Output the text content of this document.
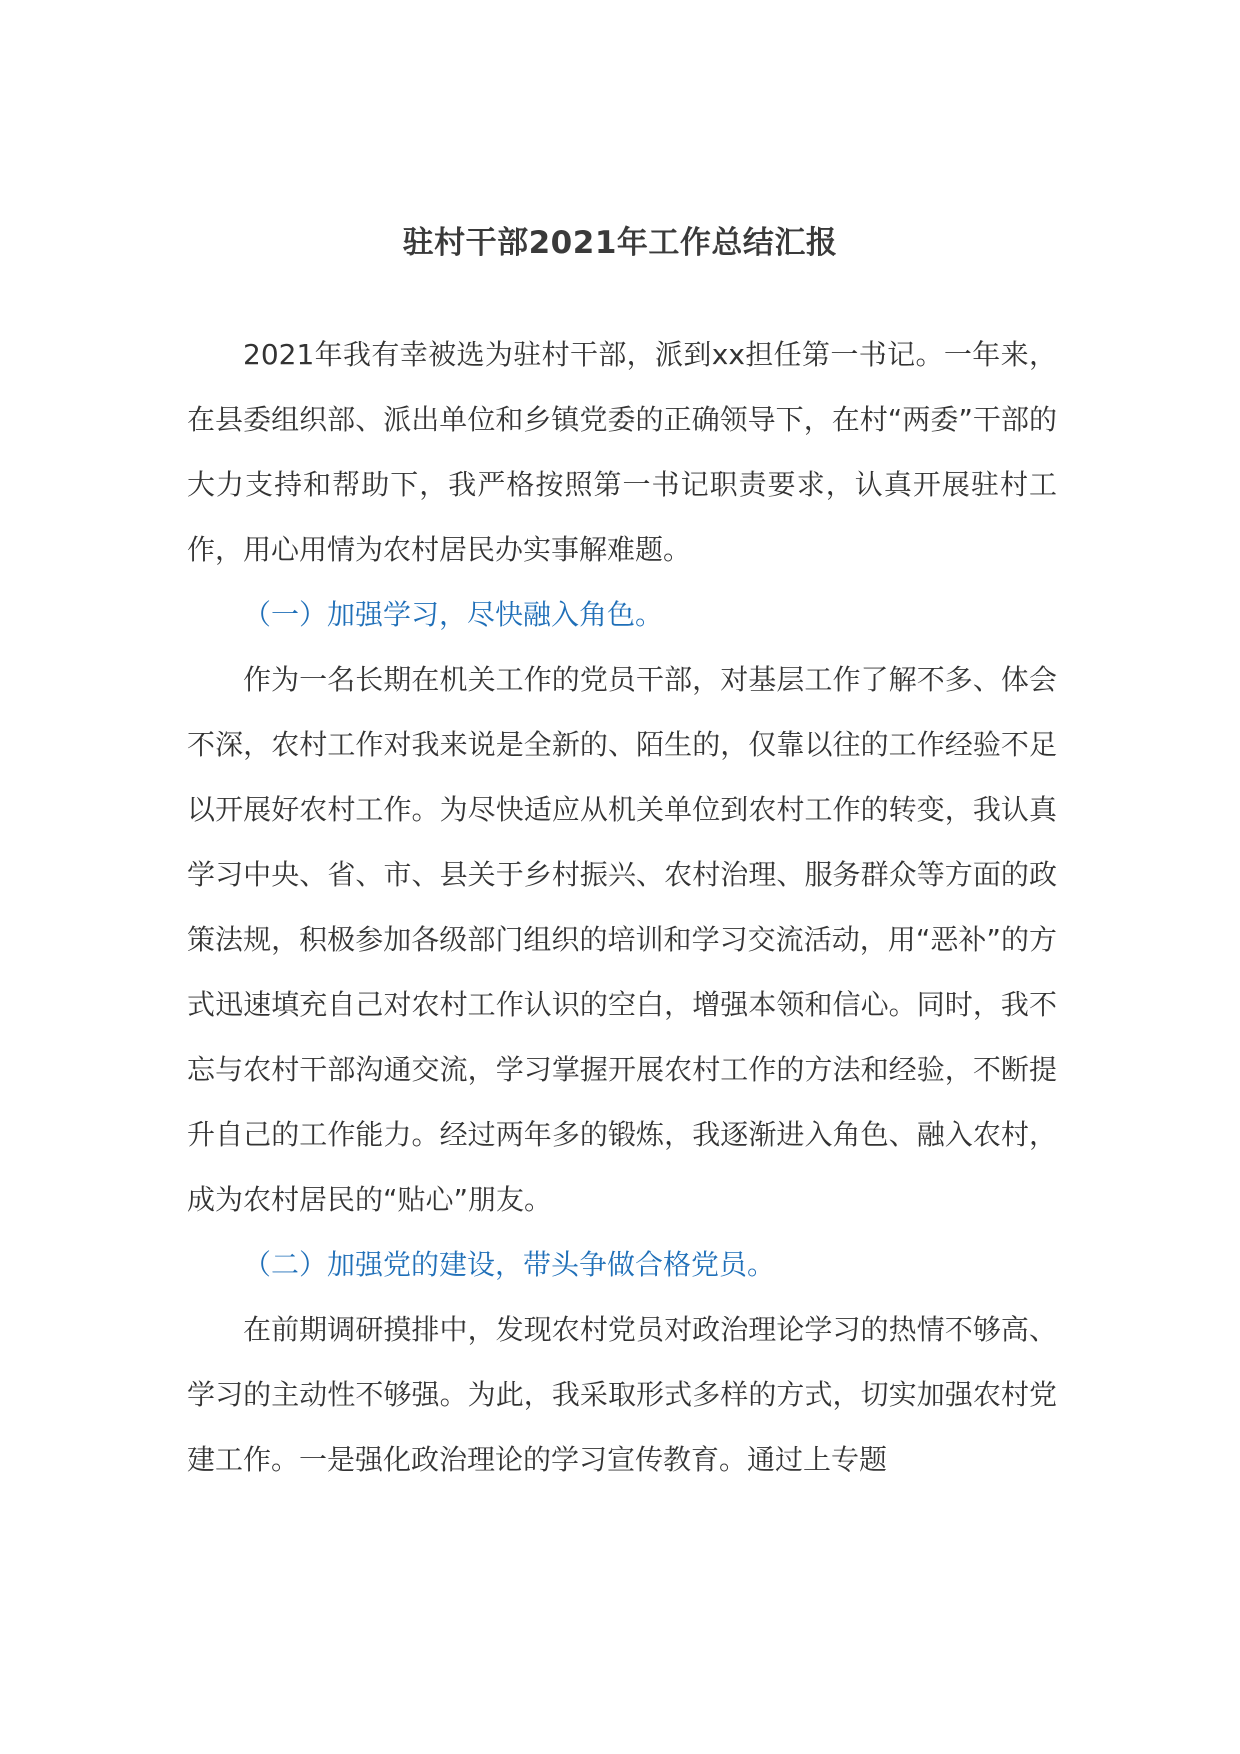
驻村干部2021年工作总结汇报

2021年我有幸被选为驻村干部，派到xx担任第一书记。一年来，在县委组织部、派出单位和乡镇党委的正确领导下，在村“两委”干部的大力支持和帮助下，我严格按照第一书记职责要求，认真开展驻村工作，用心用情为农村居民办实事解难题。

（一）加强学习，尽快融入角色。

作为一名长期在机关工作的党员干部，对基层工作了解不多、体会不深，农村工作对我来说是全新的、陌生的，仅靠以往的工作经验不足以开展好农村工作。为尽快适应从机关单位到农村工作的转变，我认真学习中央、省、市、县关于乡村振兴、农村治理、服务群众等方面的政策法规，积极参加各级部门组织的培训和学习交流活动，用“恶补”的方式迅速填充自己对农村工作认识的空白，增强本领和信心。同时，我不忘与农村干部沟通交流，学习掌握开展农村工作的方法和经验，不断提升自己的工作能力。经过两年多的锻炼，我逐渐进入角色、融入农村，成为农村居民的“贴心”朋友。

（二）加强党的建设，带头争做合格党员。

在前期调研摸排中，发现农村党员对政治理论学习的热情不够高、学习的主动性不够强。为此，我采取形式多样的方式，切实加强农村党建工作。一是强化政治理论的学习宣传教育。通过上专题
